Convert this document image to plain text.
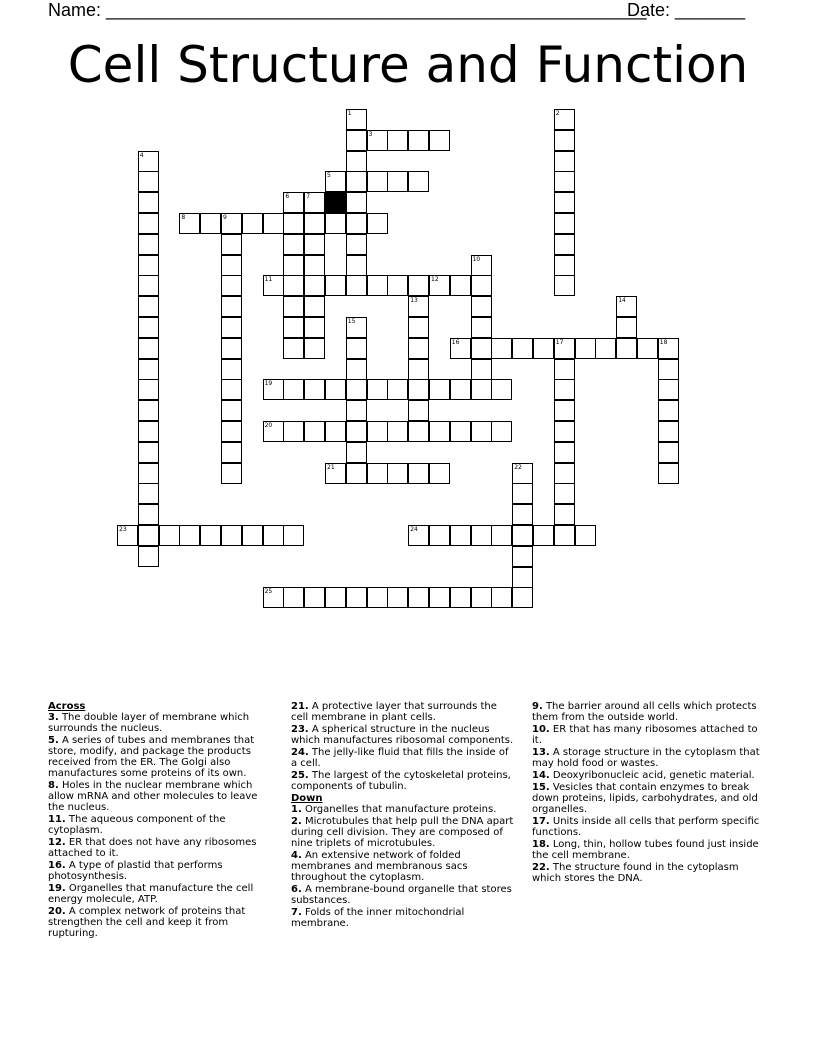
Name: ______________________________________________________
Date: _______
Cell Structure and Function
3
5
8	9
11	12
16	17	18
19
20
21
23	24
25
1	2
4
6	7
10
13	14
15
22

Across

3. The double layer of membrane which surrounds the nucleus.

5. A series of tubes and membranes that store, modify, and package the products received from the ER. The Golgi also manufactures some proteins of its own.

8. Holes in the nuclear membrane which allow mRNA and other molecules to leave the nucleus.

11. The aqueous component of the cytoplasm.

12. ER that does not have any ribosomes attached to it.

16. A type of plastid that performs photosynthesis.

19. Organelles that manufacture the cell energy molecule, ATP.

20. A complex network of proteins that strengthen the cell and keep it from rupturing.

21. A protective layer that surrounds the cell membrane in plant cells.

23. A spherical structure in the nucleus which manufactures ribosomal components.

24. The jelly-like fluid that fills the inside of a cell.

25. The largest of the cytoskeletal proteins, components of tubulin.

Down

1. Organelles that manufacture proteins.

2. Microtubules that help pull the DNA apart during cell division. They are composed of nine triplets of microtubules.

4. An extensive network of folded membranes and membranous sacs throughout the cytoplasm.

6. A membrane-bound organelle that stores substances.

7. Folds of the inner mitochondrial membrane.

9. The barrier around all cells which protects them from the outside world.

10. ER that has many ribosomes attached to it.

13. A storage structure in the cytoplasm that may hold food or wastes.

14. Deoxyribonucleic acid, genetic material.

15. Vesicles that contain enzymes to break down proteins, lipids, carbohydrates, and old organelles.

17. Units inside all cells that perform specific functions.

18. Long, thin, hollow tubes found just inside the cell membrane.

22. The structure found in the cytoplasm which stores the DNA.
